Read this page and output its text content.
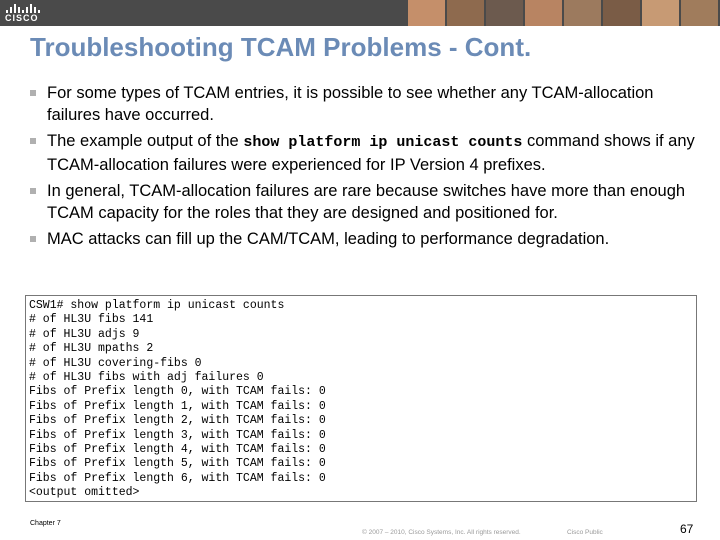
CISCO
Troubleshooting TCAM Problems - Cont.
For some types of TCAM entries, it is possible to see whether any TCAM-allocation failures have occurred.
The example output of the show platform ip unicast counts command shows if any TCAM-allocation failures were experienced for IP Version 4 prefixes.
In general, TCAM-allocation failures are rare because switches have more than enough TCAM capacity for the roles that they are designed and positioned for.
MAC attacks can fill up the CAM/TCAM, leading to performance degradation.
CSW1# show platform ip unicast counts
# of HL3U fibs 141
# of HL3U adjs 9
# of HL3U mpaths 2
# of HL3U covering-fibs 0
# of HL3U fibs with adj failures 0
Fibs of Prefix length 0, with TCAM fails: 0
Fibs of Prefix length 1, with TCAM fails: 0
Fibs of Prefix length 2, with TCAM fails: 0
Fibs of Prefix length 3, with TCAM fails: 0
Fibs of Prefix length 4, with TCAM fails: 0
Fibs of Prefix length 5, with TCAM fails: 0
Fibs of Prefix length 6, with TCAM fails: 0
<output omitted>
Chapter 7
© 2007 – 2010, Cisco Systems, Inc. All rights reserved.	Cisco Public	67
